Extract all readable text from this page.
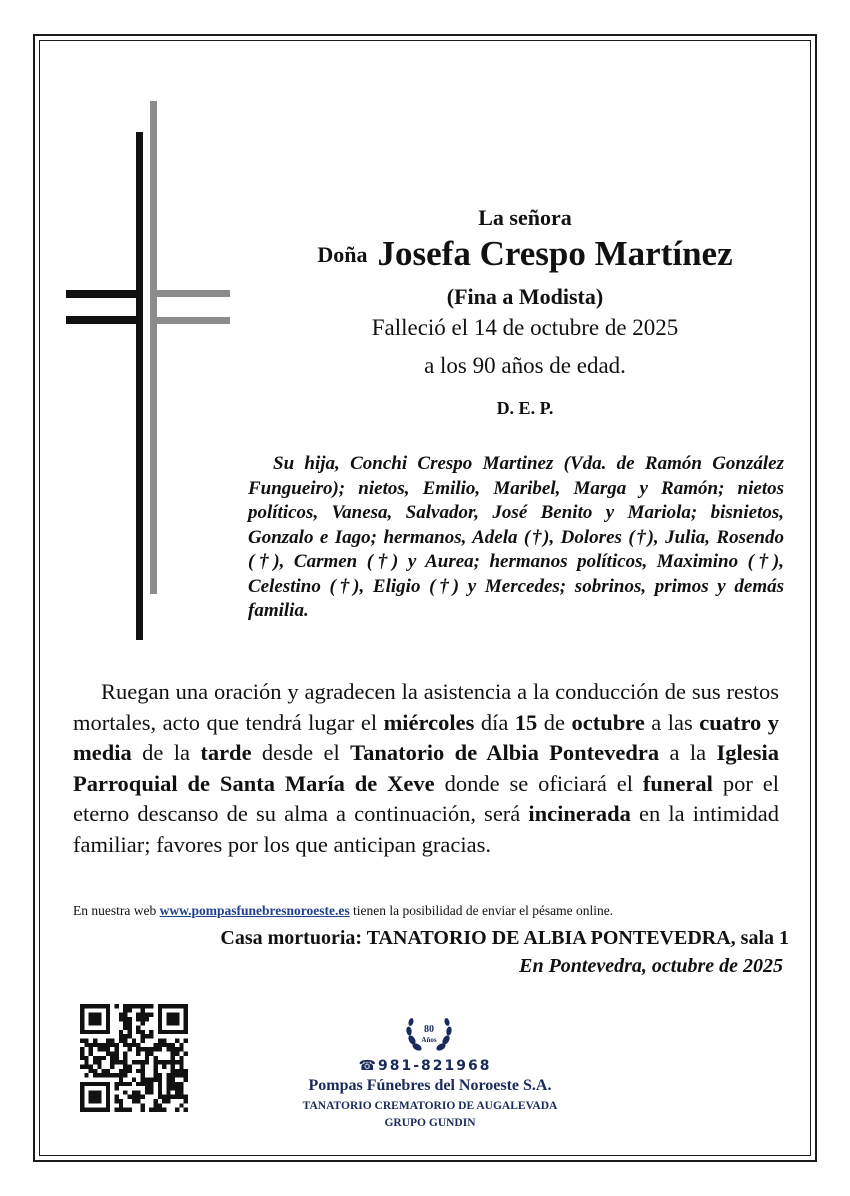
La señora
Doña Josefa Crespo Martínez
(Fina a Modista)
Falleció el 14 de octubre de 2025
a los 90 años de edad.
D. E. P.
Su hija, Conchi Crespo Martinez (Vda. de Ramón González Fungueiro); nietos, Emilio, Maribel, Marga y Ramón; nietos políticos, Vanesa, Salvador, José Benito y Mariola; bisnietos, Gonzalo e Iago; hermanos, Adela (†), Dolores (†), Julia, Rosendo (†), Carmen (†) y Aurea; hermanos políticos, Maximino (†), Celestino (†), Eligio (†) y Mercedes; sobrinos, primos y demás familia.
Ruegan una oración y agradecen la asistencia a la conducción de sus restos mortales, acto que tendrá lugar el miércoles día 15 de octubre a las cuatro y media de la tarde desde el Tanatorio de Albia Pontevedra a la Iglesia Parroquial de Santa María de Xeve donde se oficiará el funeral por el eterno descanso de su alma a continuación, será incinerada en la intimidad familiar; favores por los que anticipan gracias.
En nuestra web www.pompasfunebresnoroeste.es tienen la posibilidad de enviar el pésame online.
Casa mortuoria: TANATORIO DE ALBIA PONTEVEDRA, sala 1
En Pontevedra, octubre de 2025
80 Años
☎ 981-821968
Pompas Fúnebres del Noroeste S.A.
TANATORIO CREMATORIO DE AUGALEVADA
GRUPO GUNDIN
